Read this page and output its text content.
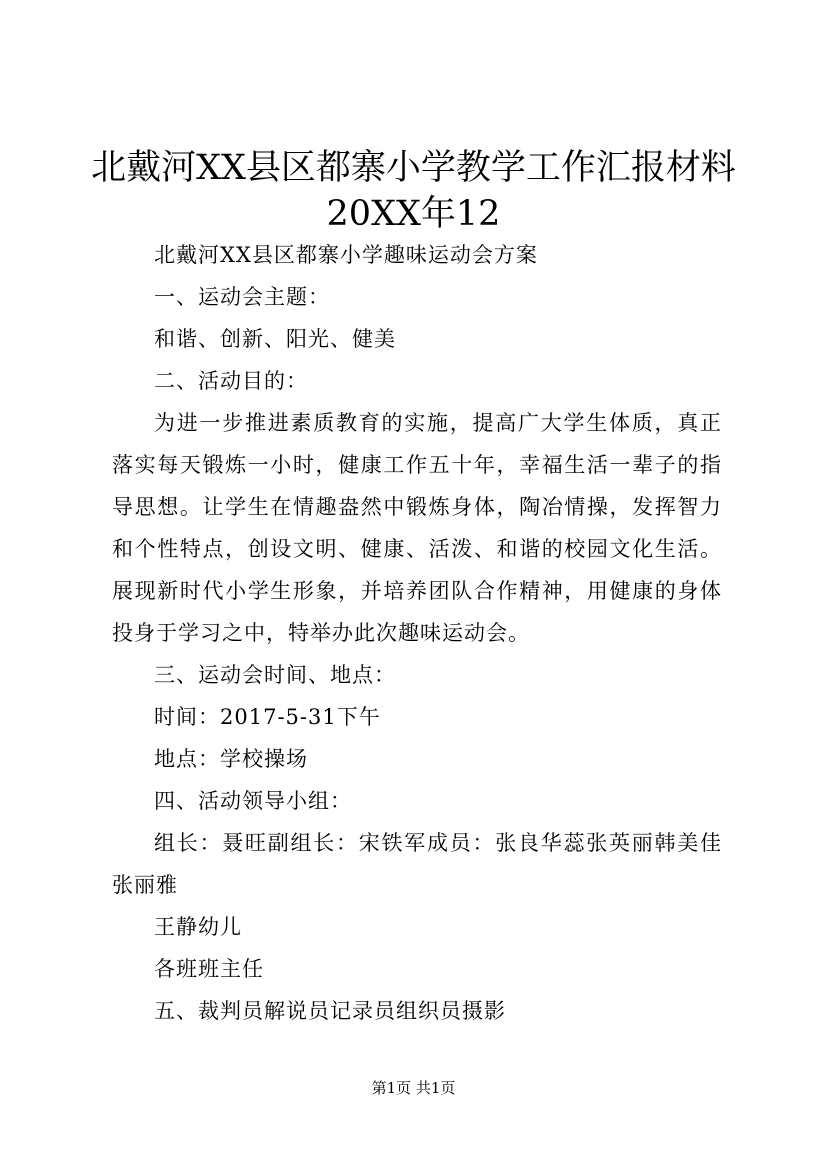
北戴河XX县区都寨小学教学工作汇报材料
20XX年12

北戴河XX县区都寨小学趣味运动会方案

一、运动会主题：

和谐、创新、阳光、健美

二、活动目的：

为进一步推进素质教育的实施，提高广大学生体质，真正落实每天锻炼一小时，健康工作五十年，幸福生活一辈子的指导思想。让学生在情趣盎然中锻炼身体，陶冶情操，发挥智力和个性特点，创设文明、健康、活泼、和谐的校园文化生活。展现新时代小学生形象，并培养团队合作精神，用健康的身体投身于学习之中，特举办此次趣味运动会。

三、运动会时间、地点：

时间：2017-5-31下午

地点：学校操场

四、活动领导小组：

组长：聂旺副组长：宋铁军成员：张良华蕊张英丽韩美佳张丽雅

王静幼儿

各班班主任

五、裁判员解说员记录员组织员摄影

第1页 共1页
